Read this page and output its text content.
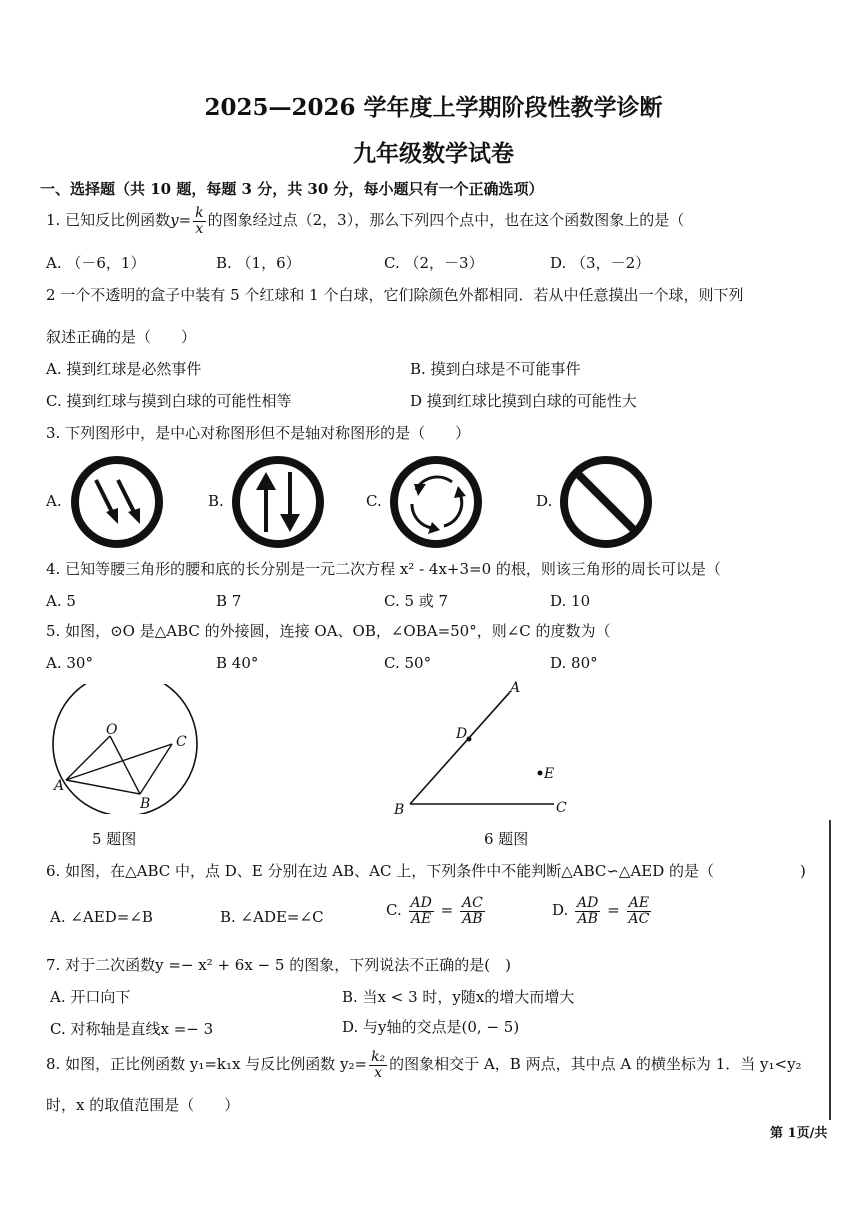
2025—2026 学年度上学期阶段性教学诊断
九年级数学试卷
一、选择题（共 10 题，每题 3 分，共 30 分，每小题只有一个正确选项）
1. 已知反比例函数$y= \frac{k}{x}$ 的图象经过点（2，3），那么下列四个点中，也在这个函数图象上的是（
A. （－6，1）	B. （1，6）	C. （2，－3）	D. （3，－2）
2 一个不透明的盒子中装有 5 个红球和 1 个白球，它们除颜色外都相同．若从中任意摸出一个球，则下列
叙述正确的是（　　）
A. 摸到红球是必然事件	B. 摸到白球是不可能事件
C. 摸到红球与摸到白球的可能性相等	D 摸到红球比摸到白球的可能性大
3. 下列图形中，是中心对称图形但不是轴对称图形的是（　　）
A.	B.	C.	D.
4. 已知等腰三角形的腰和底的长分别是一元二次方程 x² - 4x+3=0 的根，则该三角形的周长可以是（
A. 5	B 7	C. 5 或 7	D. 10
5. 如图，⊙O 是△ABC 的外接圆，连接 OA、OB，∠OBA=50°，则∠C 的度数为（
A. 30°	B 40°	C. 50°	D. 80°
O
A
B
C
5 题图
A
B	C
D
E
6 题图
6. 如图，在△ABC 中，点 D、E 分别在边 AB、AC 上，下列条件中不能判断△ABC∽△AED 的是（	)
A. ∠AED=∠B	B. ∠ADE=∠C	C. $\frac{AD}{AE} = \frac{AC}{AB}$	D. $\frac{AD}{AB} = \frac{AE}{AC}$
7. 对于二次函数y =− x² + 6x − 5 的图象，下列说法不正确的是(　)
A. 开口向下	B. 当x < 3 时，y随x的增大而增大
C. 对称轴是直线x =− 3	D. 与y轴的交点是(0, − 5)
8. 如图，正比例函数 y₁=k₁x 与反比例函数 $y_2= \frac{\text{k₂}}{x}$ 的图象相交于 A，B 两点，其中点 A 的横坐标为 1．当 y₁<y₂
时，x 的取值范围是（　　）
第 1页/共
